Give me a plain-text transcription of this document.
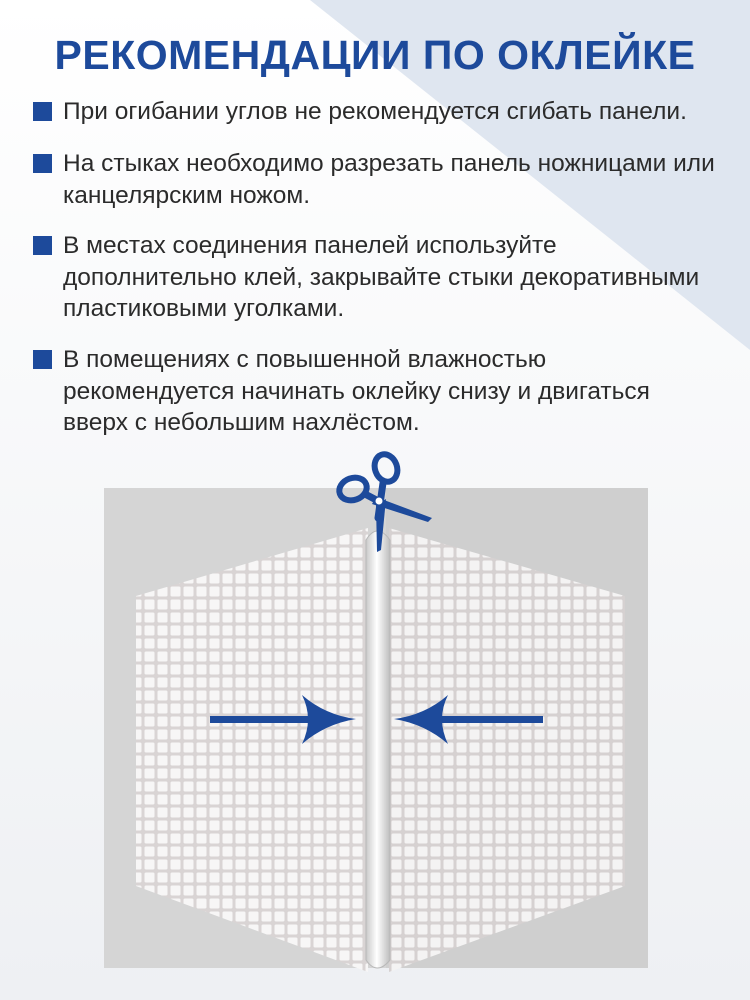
РЕКОМЕНДАЦИИ ПО ОКЛЕЙКЕ

При огибании углов не рекомендуется сгибать панели.

На стыках необходимо разрезать панель ножницами или канцелярским ножом.

В местах соединения панелей используйте дополнительно клей, закрывайте стыки декоративными пластиковыми уголками.

В помещениях с повышенной влажностью рекомендуется начинать оклейку снизу и двигаться вверх с небольшим нахлёстом.
